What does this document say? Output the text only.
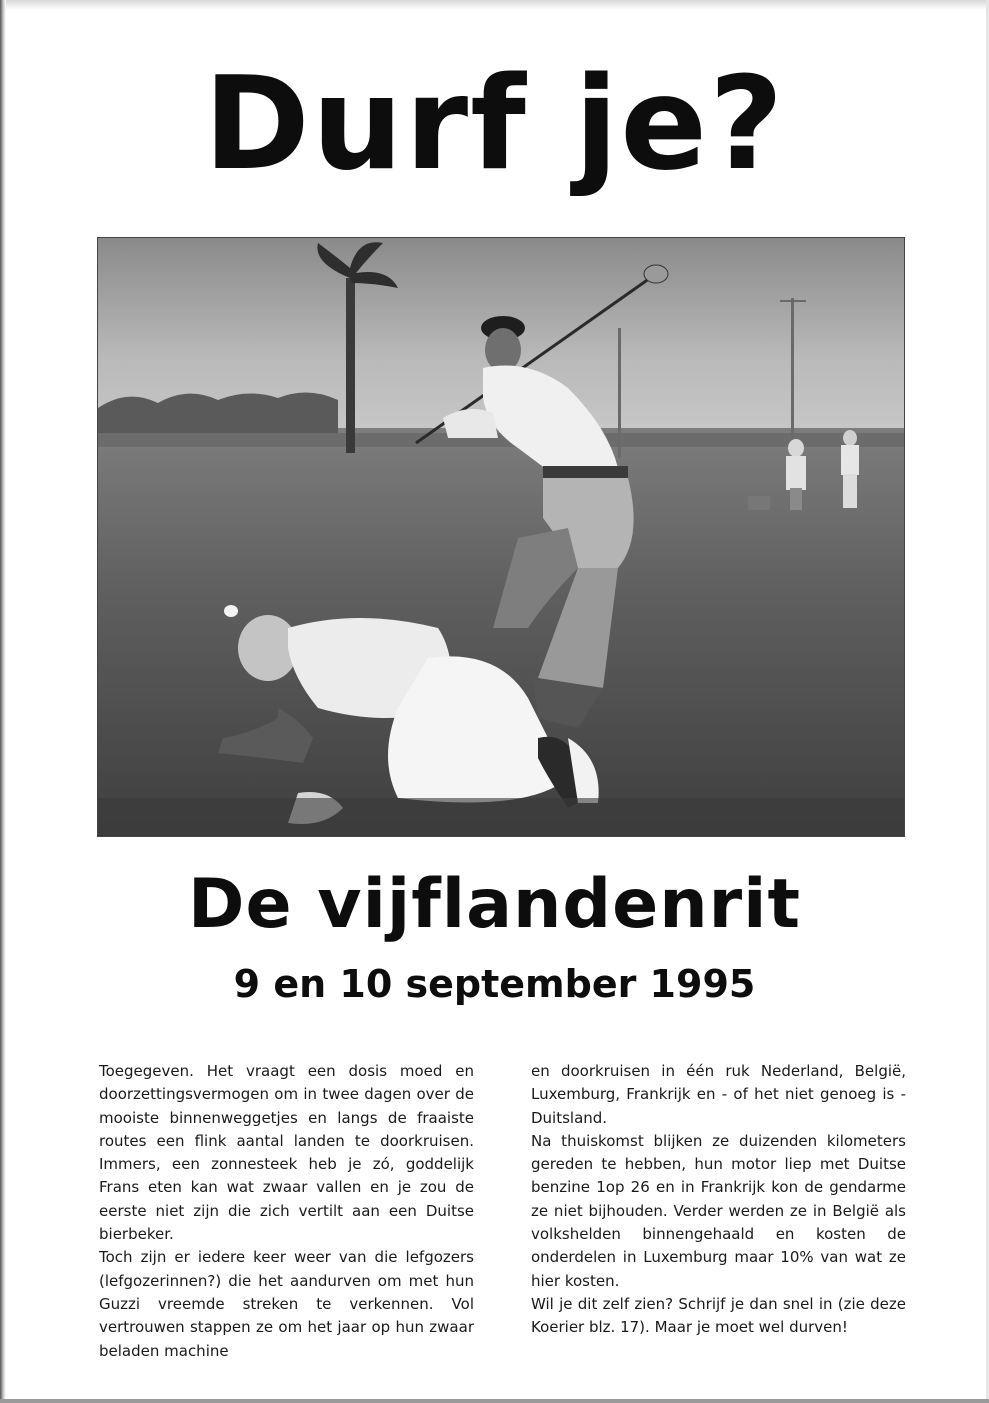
Durf je?
De vijflandenrit
9 en 10 september 1995

Toegegeven. Het vraagt een dosis moed en doorzettingsvermogen om in twee dagen over de mooiste binnenweggetjes en langs de fraaiste routes een flink aantal landen te doorkruisen. Immers, een zonnesteek heb je zó, goddelijk Frans eten kan wat zwaar vallen en je zou de eerste niet zijn die zich vertilt aan een Duitse bierbeker.

Toch zijn er iedere keer weer van die lefgozers (lefgozerinnen?) die het aandurven om met hun Guzzi vreemde streken te verkennen. Vol vertrouwen stappen ze om het jaar op hun zwaar beladen machine

en doorkruisen in één ruk Nederland, België, Luxemburg, Frankrijk en - of het niet genoeg is - Duitsland.

Na thuiskomst blijken ze duizenden kilometers gereden te hebben, hun motor liep met Duitse benzine 1op 26 en in Frankrijk kon de gendarme ze niet bijhouden. Verder werden ze in België als volkshelden binnengehaald en kosten de onderdelen in Luxemburg maar 10% van wat ze hier kosten.

Wil je dit zelf zien? Schrijf je dan snel in (zie deze Koerier blz. 17). Maar je moet wel durven!
